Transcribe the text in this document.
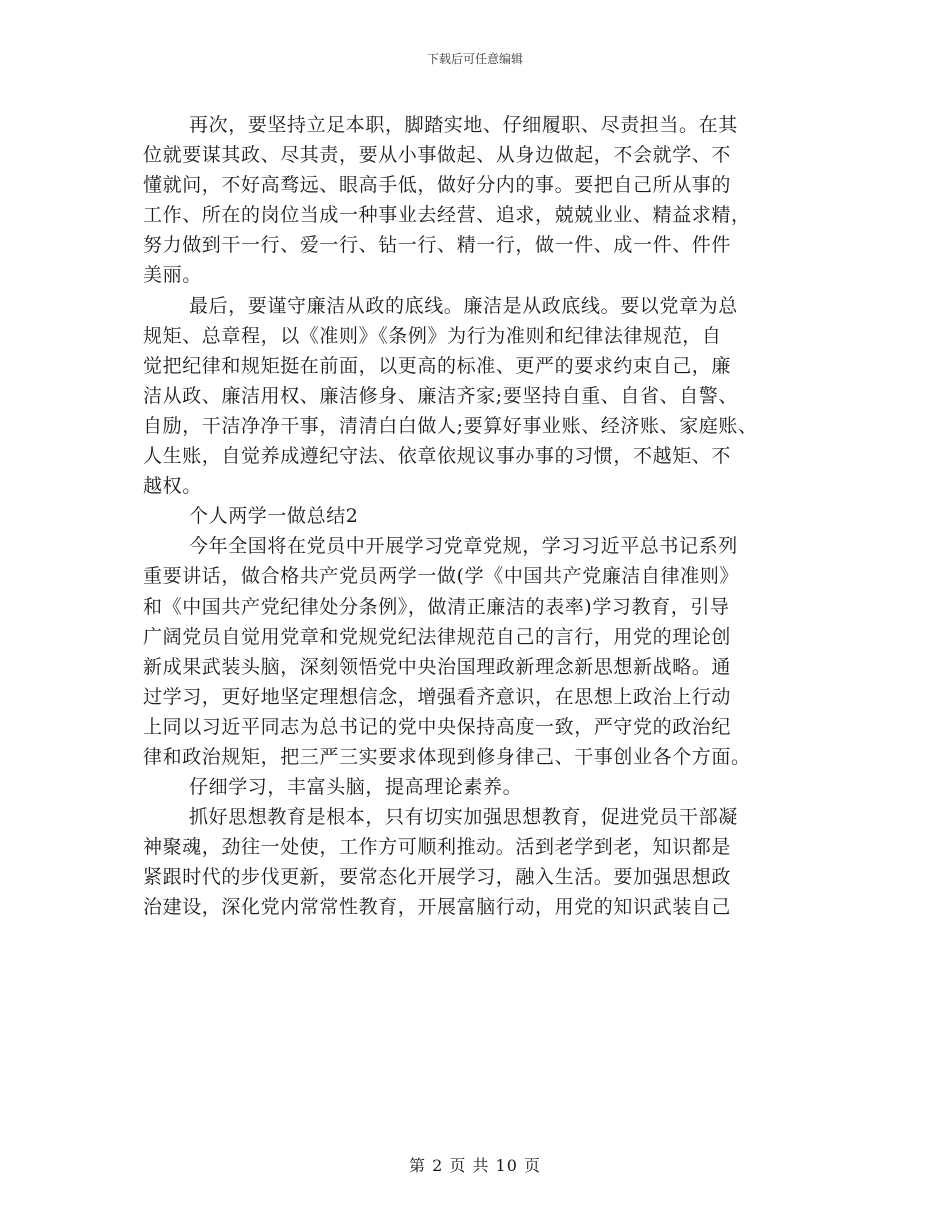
下载后可任意编辑
再次，要坚持立足本职，脚踏实地、仔细履职、尽责担当。在其
位就要谋其政、尽其责，要从小事做起、从身边做起，不会就学、不
懂就问，不好高骛远、眼高手低，做好分内的事。要把自己所从事的
工作、所在的岗位当成一种事业去经营、追求，兢兢业业、精益求精，
努力做到干一行、爱一行、钻一行、精一行，做一件、成一件、件件
美丽。
最后，要谨守廉洁从政的底线。廉洁是从政底线。要以党章为总
规矩、总章程，以《准则》《条例》为行为准则和纪律法律规范，自
觉把纪律和规矩挺在前面，以更高的标准、更严的要求约束自己，廉
洁从政、廉洁用权、廉洁修身、廉洁齐家;要坚持自重、自省、自警、
自励，干洁净净干事，清清白白做人;要算好事业账、经济账、家庭账、
人生账，自觉养成遵纪守法、依章依规议事办事的习惯，不越矩、不
越权。
个人两学一做总结2
今年全国将在党员中开展学习党章党规，学习习近平总书记系列
重要讲话，做合格共产党员两学一做(学《中国共产党廉洁自律准则》
和《中国共产党纪律处分条例》，做清正廉洁的表率)学习教育，引导
广阔党员自觉用党章和党规党纪法律规范自己的言行，用党的理论创
新成果武装头脑，深刻领悟党中央治国理政新理念新思想新战略。通
过学习，更好地坚定理想信念，增强看齐意识，在思想上政治上行动
上同以习近平同志为总书记的党中央保持高度一致，严守党的政治纪
律和政治规矩，把三严三实要求体现到修身律己、干事创业各个方面。
仔细学习，丰富头脑，提高理论素养。
抓好思想教育是根本，只有切实加强思想教育，促进党员干部凝
神聚魂，劲往一处使，工作方可顺利推动。活到老学到老，知识都是
紧跟时代的步伐更新，要常态化开展学习，融入生活。要加强思想政
治建设，深化党内常常性教育，开展富脑行动，用党的知识武装自己
第 2 页 共 10 页
